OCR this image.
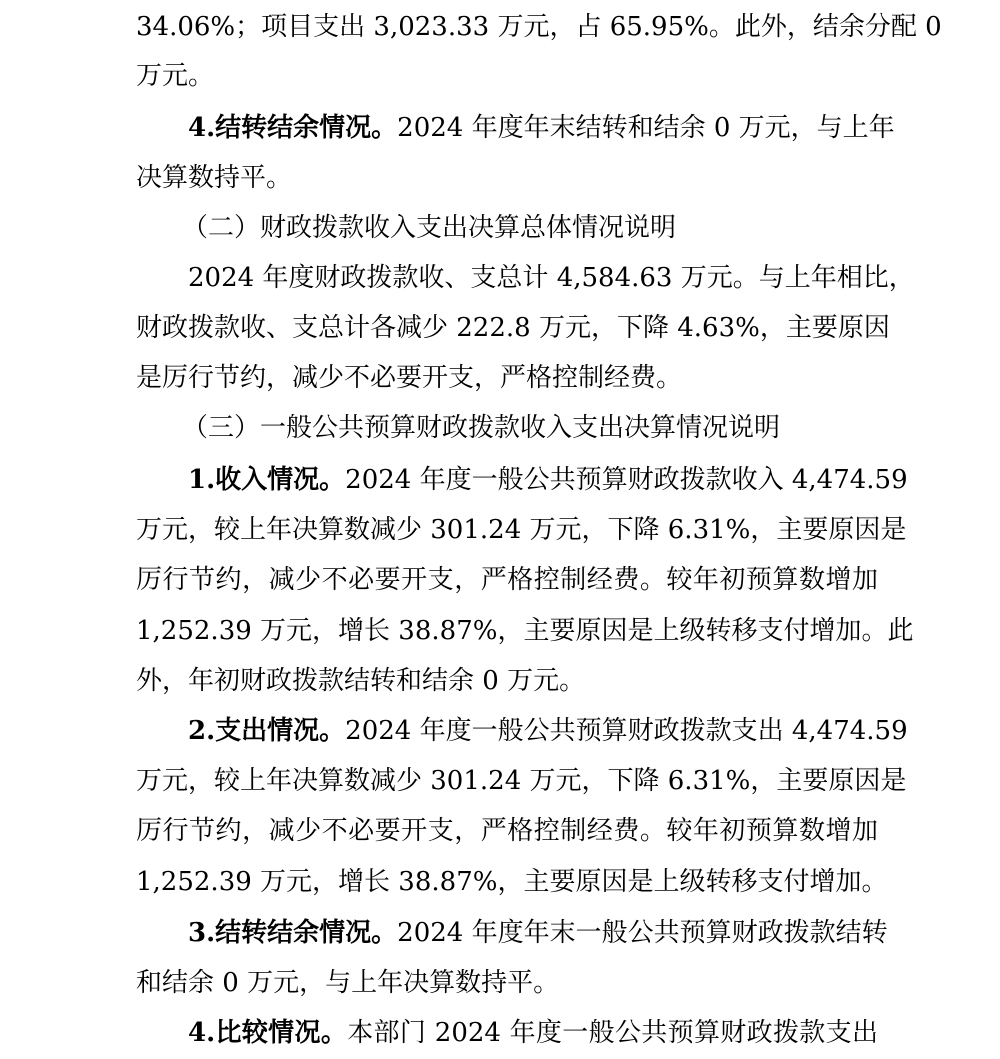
34.06%；项目支出 3,023.33 万元，占 65.95%。此外，结余分配 0
万元。
4.结转结余情况。2024 年度年末结转和结余 0 万元，与上年
决算数持平。
（二）财政拨款收入支出决算总体情况说明
2024 年度财政拨款收、支总计 4,584.63 万元。与上年相比，
财政拨款收、支总计各减少 222.8 万元，下降 4.63%，主要原因
是厉行节约，减少不必要开支，严格控制经费。
（三）一般公共预算财政拨款收入支出决算情况说明
1.收入情况。2024 年度一般公共预算财政拨款收入 4,474.59
万元，较上年决算数减少 301.24 万元，下降 6.31%，主要原因是
厉行节约，减少不必要开支，严格控制经费。较年初预算数增加
1,252.39 万元，增长 38.87%，主要原因是上级转移支付增加。此
外，年初财政拨款结转和结余 0 万元。
2.支出情况。2024 年度一般公共预算财政拨款支出 4,474.59
万元，较上年决算数减少 301.24 万元，下降 6.31%，主要原因是
厉行节约，减少不必要开支，严格控制经费。较年初预算数增加
1,252.39 万元，增长 38.87%，主要原因是上级转移支付增加。
3.结转结余情况。2024 年度年末一般公共预算财政拨款结转
和结余 0 万元，与上年决算数持平。
4.比较情况。本部门 2024 年度一般公共预算财政拨款支出
